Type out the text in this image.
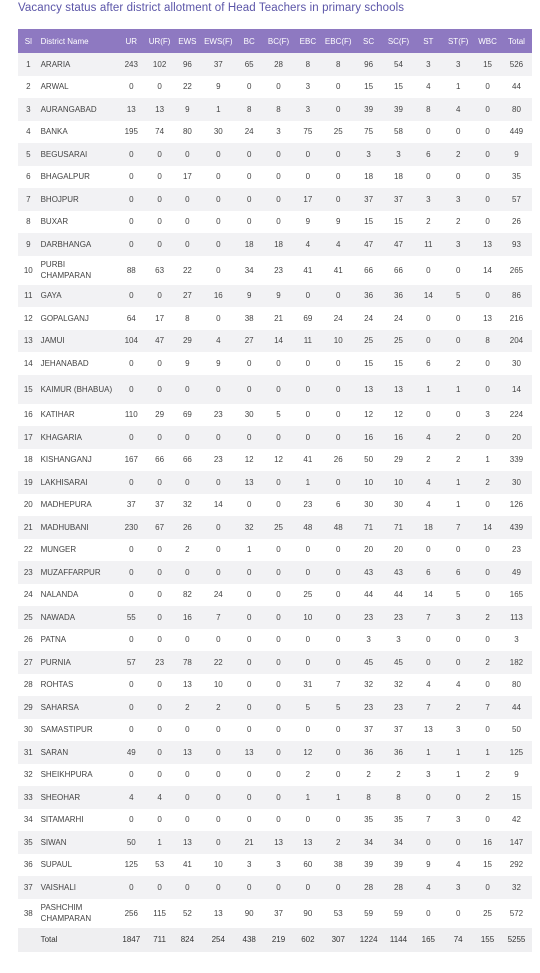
Vacancy status after district allotment of Head Teachers in primary schools
Sl	District Name	UR	UR(F)	EWS	EWS(F)	BC	BC(F)	EBC	EBC(F)	SC	SC(F)	ST	ST(F)	WBC	Total
1	ARARIA	243	102	96	37	65	28	8	8	96	54	3	3	15	526
2	ARWAL	0	0	22	9	0	0	3	0	15	15	4	1	0	44
3	AURANGABAD	13	13	9	1	8	8	3	0	39	39	8	4	0	80
4	BANKA	195	74	80	30	24	3	75	25	75	58	0	0	0	449
5	BEGUSARAI	0	0	0	0	0	0	0	0	3	3	6	2	0	9
6	BHAGALPUR	0	0	17	0	0	0	0	0	18	18	0	0	0	35
7	BHOJPUR	0	0	0	0	0	0	17	0	37	37	3	3	0	57
8	BUXAR	0	0	0	0	0	0	9	9	15	15	2	2	0	26
9	DARBHANGA	0	0	0	0	18	18	4	4	47	47	11	3	13	93
10	PURBI CHAMPARAN	88	63	22	0	34	23	41	41	66	66	0	0	14	265
11	GAYA	0	0	27	16	9	9	0	0	36	36	14	5	0	86
12	GOPALGANJ	64	17	8	0	38	21	69	24	24	24	0	0	13	216
13	JAMUI	104	47	29	4	27	14	11	10	25	25	0	0	8	204
14	JEHANABAD	0	0	9	9	0	0	0	0	15	15	6	2	0	30
15	KAIMUR (BHABUA)	0	0	0	0	0	0	0	0	13	13	1	1	0	14
16	KATIHAR	110	29	69	23	30	5	0	0	12	12	0	0	3	224
17	KHAGARIA	0	0	0	0	0	0	0	0	16	16	4	2	0	20
18	KISHANGANJ	167	66	66	23	12	12	41	26	50	29	2	2	1	339
19	LAKHISARAI	0	0	0	0	13	0	1	0	10	10	4	1	2	30
20	MADHEPURA	37	37	32	14	0	0	23	6	30	30	4	1	0	126
21	MADHUBANI	230	67	26	0	32	25	48	48	71	71	18	7	14	439
22	MUNGER	0	0	2	0	1	0	0	0	20	20	0	0	0	23
23	MUZAFFARPUR	0	0	0	0	0	0	0	0	43	43	6	6	0	49
24	NALANDA	0	0	82	24	0	0	25	0	44	44	14	5	0	165
25	NAWADA	55	0	16	7	0	0	10	0	23	23	7	3	2	113
26	PATNA	0	0	0	0	0	0	0	0	3	3	0	0	0	3
27	PURNIA	57	23	78	22	0	0	0	0	45	45	0	0	2	182
28	ROHTAS	0	0	13	10	0	0	31	7	32	32	4	4	0	80
29	SAHARSA	0	0	2	2	0	0	5	5	23	23	7	2	7	44
30	SAMASTIPUR	0	0	0	0	0	0	0	0	37	37	13	3	0	50
31	SARAN	49	0	13	0	13	0	12	0	36	36	1	1	1	125
32	SHEIKHPURA	0	0	0	0	0	0	2	0	2	2	3	1	2	9
33	SHEOHAR	4	4	0	0	0	0	1	1	8	8	0	0	2	15
34	SITAMARHI	0	0	0	0	0	0	0	0	35	35	7	3	0	42
35	SIWAN	50	1	13	0	21	13	13	2	34	34	0	0	16	147
36	SUPAUL	125	53	41	10	3	3	60	38	39	39	9	4	15	292
37	VAISHALI	0	0	0	0	0	0	0	0	28	28	4	3	0	32
38	PASHCHIM CHAMPARAN	256	115	52	13	90	37	90	53	59	59	0	0	25	572
	Total	1847	711	824	254	438	219	602	307	1224	1144	165	74	155	5255
